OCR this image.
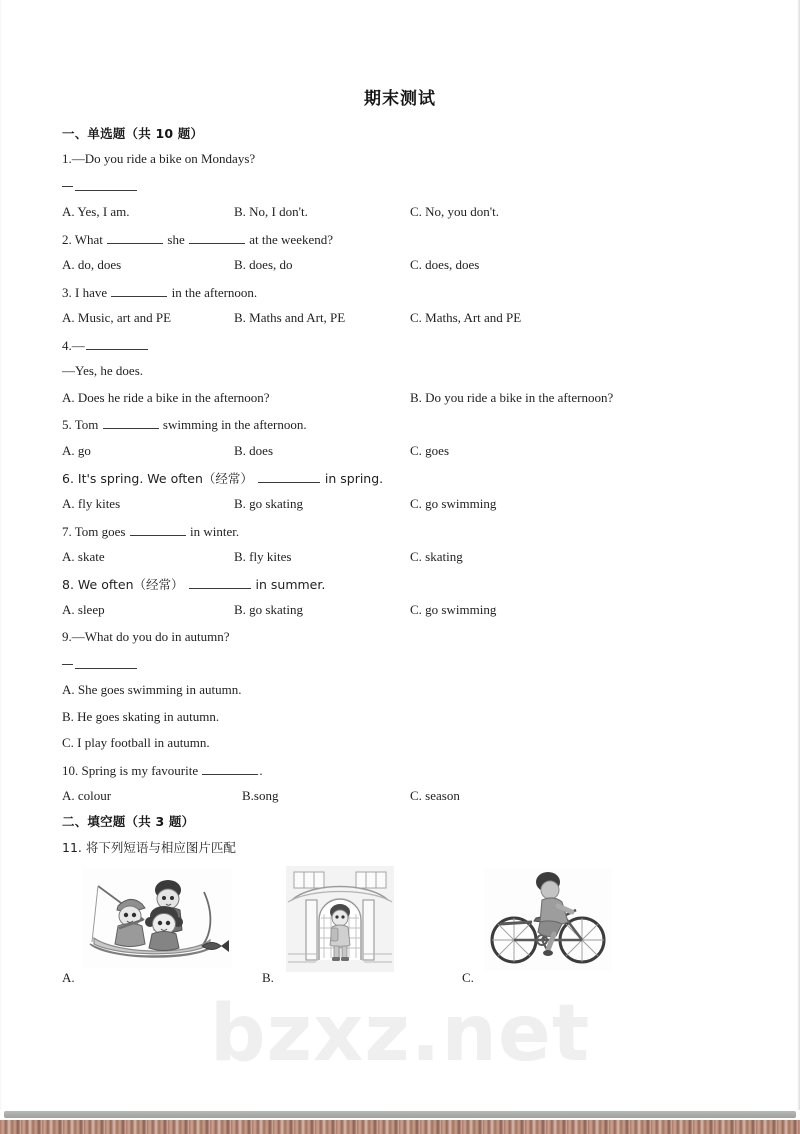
bzxz.net
期末测试
一、单选题（共 10 题）
1.—Do you ride a bike on Mondays?
A. Yes, I am.	B. No, I don't.	C. No, you don't.
2. What	she	at the weekend?
A. do, does	B. does, do	C. does, does
3. I have	in the afternoon.
A. Music, art and PE	B. Maths and Art, PE	C. Maths, Art and PE
4.—
—Yes, he does.
A. Does he ride a bike in the afternoon?	B. Do you ride a bike in the afternoon?
5. Tom	swimming in the afternoon.
A. go	B. does	C. goes
6. It's spring. We often（经常）	in spring.
A. fly kites	B. go skating	C. go swimming
7. Tom goes	in winter.
A. skate	B. fly kites	C. skating
8. We often（经常）	in summer.
A. sleep	B. go skating	C. go swimming
9.—What do you do in autumn?
A. She goes swimming in autumn.
B. He goes skating in autumn.
C. I play football in autumn.
10. Spring is my favourite	.
A. colour	B.song	C. season
二、填空题（共 3 题）
11. 将下列短语与相应图片匹配
A.	B.	C.
